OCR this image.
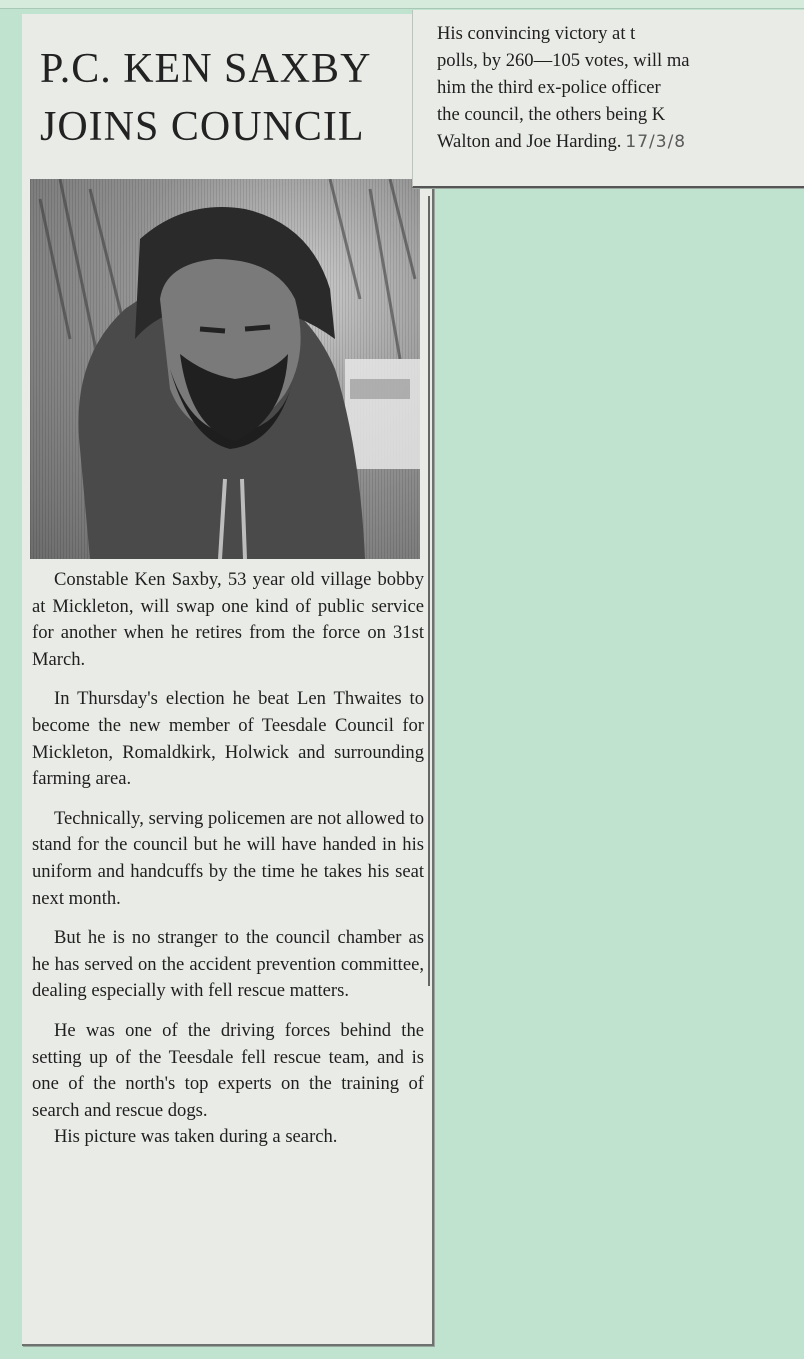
P.C. KEN SAXBY
JOINS COUNCIL

Constable Ken Saxby, 53 year old village bobby at Mickleton, will swap one kind of public service for another when he retires from the force on 31st March.

In Thursday's election he beat Len Thwaites to become the new member of Teesdale Council for Mickleton, Romaldkirk, Holwick and surrounding farming area.

Technically, serving policemen are not allowed to stand for the council but he will have handed in his uniform and handcuffs by the time he takes his seat next month.

But he is no stranger to the council chamber as he has served on the accident prevention committee, dealing especially with fell rescue matters.

He was one of the driving forces behind the setting up of the Teesdale fell rescue team, and is one of the north's top experts on the training of search and rescue dogs.

His picture was taken during a search.

His convincing victory at t
polls, by 260—105 votes, will ma
him the third ex-police officer
the council, the others being K
Walton and Joe Harding. 17/3/8
